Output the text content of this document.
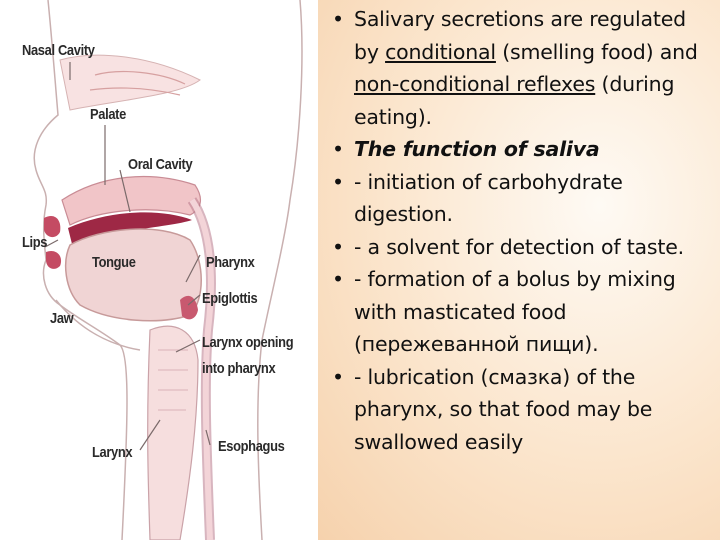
Nasal Cavity
Palate
Oral Cavity
Lips
Tongue	Pharynx
Epiglottis
Jaw
Larynx opening
into pharynx
Larynx	Esophagus
• Salivary secretions are regulated by conditional (smelling food) and non-conditional reflexes (during eating).
• The function of saliva
• - initiation of carbohydrate digestion.
• - a solvent for detection of taste.
• - formation of a bolus by mixing with masticated food (пережеванной пищи).
• - lubrication (смазка) of the pharynx, so that food may be swallowed easily
